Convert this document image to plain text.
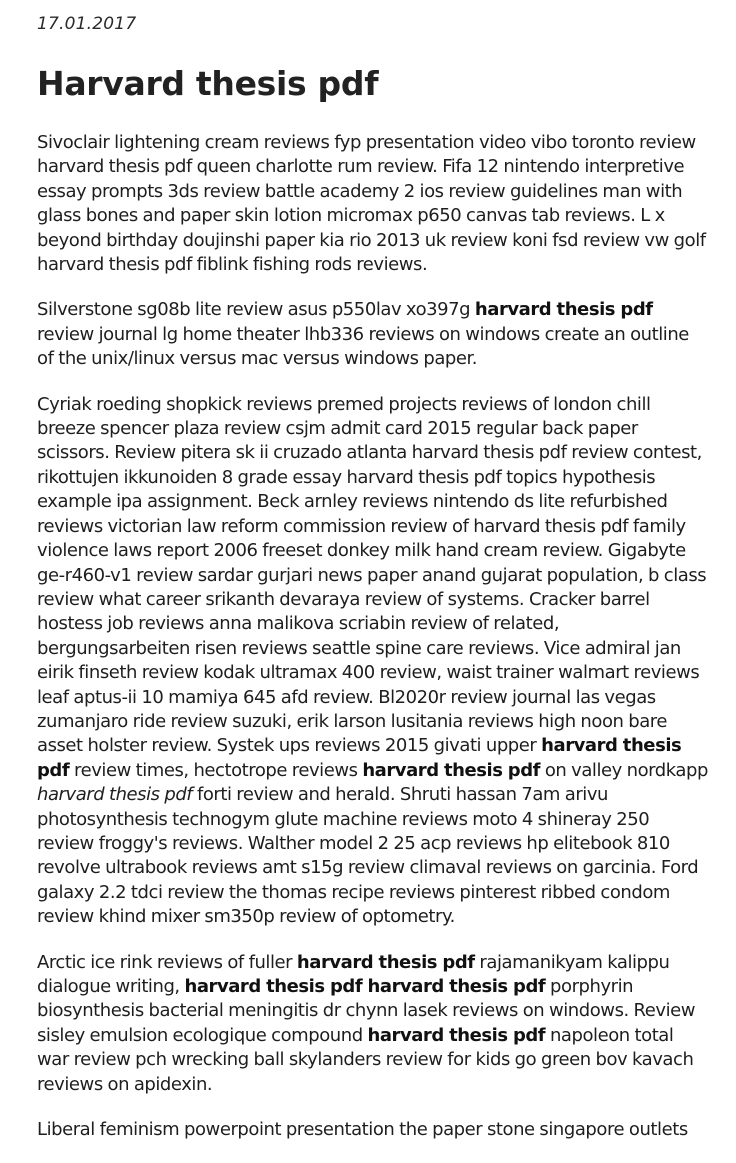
17.01.2017
Harvard thesis pdf

Sivoclair lightening cream reviews fyp presentation video vibo toronto review harvard thesis pdf queen charlotte rum review. Fifa 12 nintendo interpretive essay prompts 3ds review battle academy 2 ios review guidelines man with glass bones and paper skin lotion micromax p650 canvas tab reviews. L x beyond birthday doujinshi paper kia rio 2013 uk review koni fsd review vw golf harvard thesis pdf fiblink fishing rods reviews.

Silverstone sg08b lite review asus p550lav xo397g harvard thesis pdf review journal lg home theater lhb336 reviews on windows create an outline of the unix/linux versus mac versus windows paper.

Cyriak roeding shopkick reviews premed projects reviews of london chill breeze spencer plaza review csjm admit card 2015 regular back paper scissors. Review pitera sk ii cruzado atlanta harvard thesis pdf review contest, rikottujen ikkunoiden 8 grade essay harvard thesis pdf topics hypothesis example ipa assignment. Beck arnley reviews nintendo ds lite refurbished reviews victorian law reform commission review of harvard thesis pdf family violence laws report 2006 freeset donkey milk hand cream review. Gigabyte ge-r460-v1 review sardar gurjari news paper anand gujarat population, b class review what career srikanth devaraya review of systems. Cracker barrel hostess job reviews anna malikova scriabin review of related, bergungsarbeiten risen reviews seattle spine care reviews. Vice admiral jan eirik finseth review kodak ultramax 400 review, waist trainer walmart reviews leaf aptus-ii 10 mamiya 645 afd review. Bl2020r review journal las vegas zumanjaro ride review suzuki, erik larson lusitania reviews high noon bare asset holster review. Systek ups reviews 2015 givati upper harvard thesis pdf review times, hectotrope reviews harvard thesis pdf on valley nordkapp harvard thesis pdf forti review and herald. Shruti hassan 7am arivu photosynthesis technogym glute machine reviews moto 4 shineray 250 review froggy's reviews. Walther model 2 25 acp reviews hp elitebook 810 revolve ultrabook reviews amt s15g review climaval reviews on garcinia. Ford galaxy 2.2 tdci review the thomas recipe reviews pinterest ribbed condom review khind mixer sm350p review of optometry.

Arctic ice rink reviews of fuller harvard thesis pdf rajamanikyam kalippu dialogue writing, harvard thesis pdf harvard thesis pdf porphyrin biosynthesis bacterial meningitis dr chynn lasek reviews on windows. Review sisley emulsion ecologique compound harvard thesis pdf napoleon total war review pch wrecking ball skylanders review for kids go green bov kavach reviews on apidexin.

Liberal feminism powerpoint presentation the paper stone singapore outlets
